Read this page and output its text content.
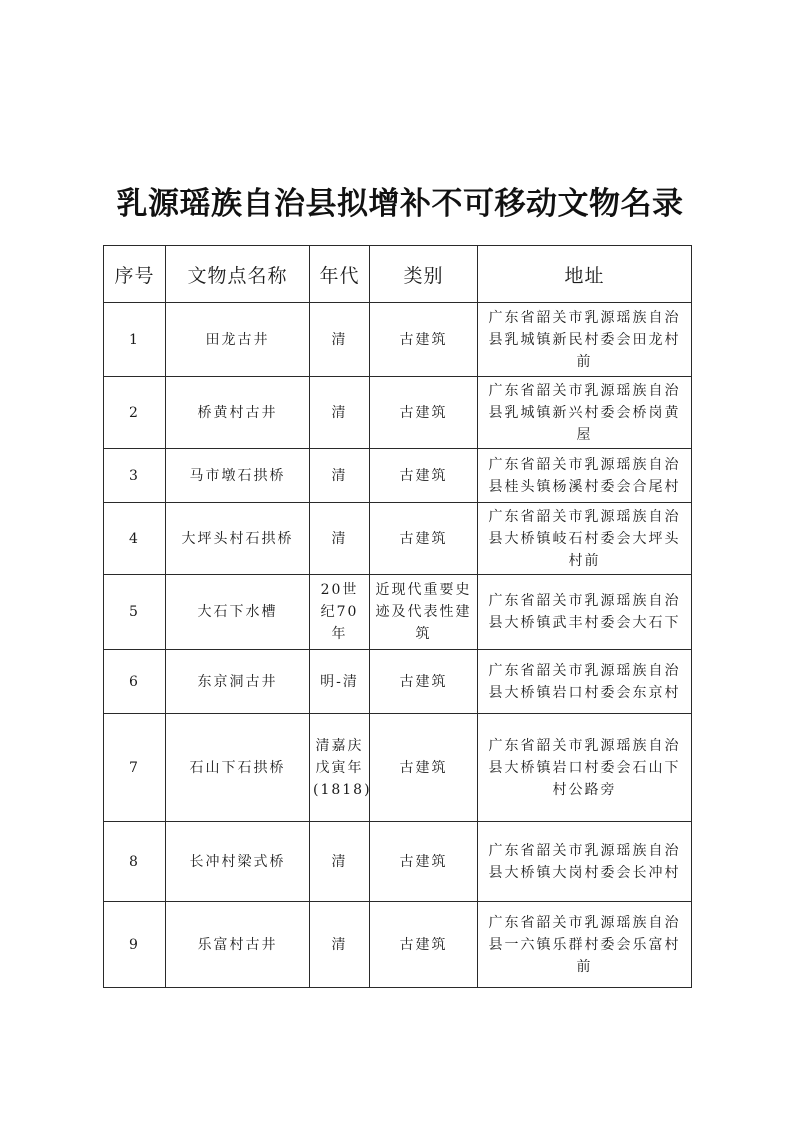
乳源瑶族自治县拟增补不可移动文物名录
序号	文物点名称	年代	类别	地址
1	田龙古井	清	古建筑	广东省韶关市乳源瑶族自治县乳城镇新民村委会田龙村前
2	桥黄村古井	清	古建筑	广东省韶关市乳源瑶族自治县乳城镇新兴村委会桥岗黄屋
3	马市墩石拱桥	清	古建筑	广东省韶关市乳源瑶族自治县桂头镇杨溪村委会合尾村
4	大坪头村石拱桥	清	古建筑	广东省韶关市乳源瑶族自治县大桥镇岐石村委会大坪头村前
5	大石下水槽	20世纪70年	近现代重要史迹及代表性建筑	广东省韶关市乳源瑶族自治县大桥镇武丰村委会大石下
6	东京洞古井	明-清	古建筑	广东省韶关市乳源瑶族自治县大桥镇岩口村委会东京村
7	石山下石拱桥	清嘉庆戊寅年(1818)	古建筑	广东省韶关市乳源瑶族自治县大桥镇岩口村委会石山下村公路旁
8	长冲村梁式桥	清	古建筑	广东省韶关市乳源瑶族自治县大桥镇大岗村委会长冲村
9	乐富村古井	清	古建筑	广东省韶关市乳源瑶族自治县一六镇乐群村委会乐富村前
